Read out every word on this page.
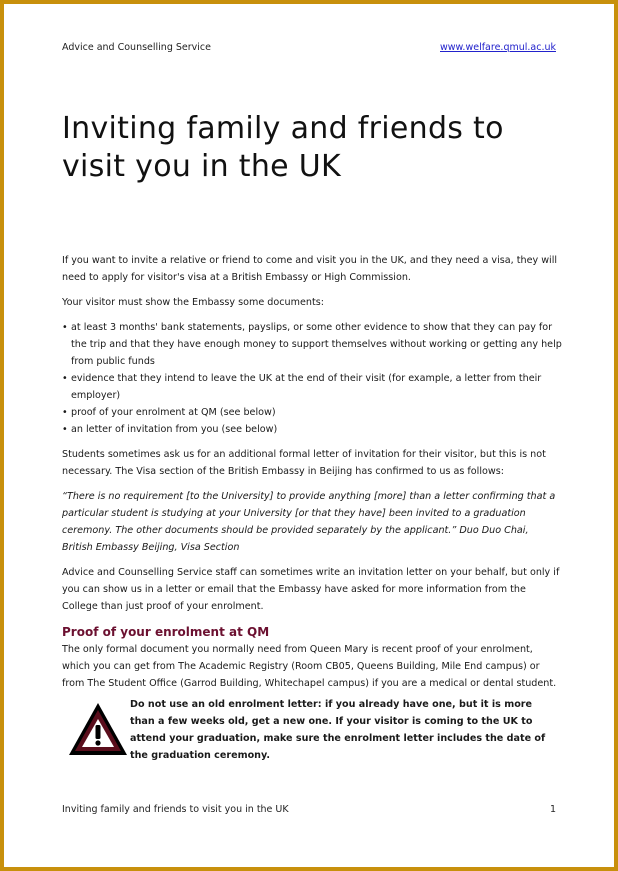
Advice and Counselling Service	www.welfare.qmul.ac.uk
Inviting family and friends to visit you in the UK

If you want to invite a relative or friend to come and visit you in the UK, and they need a visa, they will need to apply for visitor's visa at a British Embassy or High Commission.

Your visitor must show the Embassy some documents:

• at least 3 months' bank statements, payslips, or some other evidence to show that they can pay for the trip and that they have enough money to support themselves without working or getting any help from public funds
• evidence that they intend to leave the UK at the end of their visit (for example, a letter from their employer)
• proof of your enrolment at QM (see below)
• an letter of invitation from you (see below)

Students sometimes ask us for an additional formal letter of invitation for their visitor, but this is not necessary. The Visa section of the British Embassy in Beijing has confirmed to us as follows:

“There is no requirement [to the University] to provide anything [more] than a letter confirming that a particular student is studying at your University [or that they have] been invited to a graduation ceremony. The other documents should be provided separately by the applicant.” Duo Duo Chai, British Embassy Beijing, Visa Section

Advice and Counselling Service staff can sometimes write an invitation letter on your behalf, but only if you can show us in a letter or email that the Embassy have asked for more information from the College than just proof of your enrolment.

Proof of your enrolment at QM

The only formal document you normally need from Queen Mary is recent proof of your enrolment, which you can get from The Academic Registry (Room CB05, Queens Building, Mile End campus) or from The Student Office (Garrod Building, Whitechapel campus) if you are a medical or dental student.

Do not use an old enrolment letter: if you already have one, but it is more than a few weeks old, get a new one. If your visitor is coming to the UK to attend your graduation, make sure the enrolment letter includes the date of the graduation ceremony.
Inviting family and friends to visit you in the UK	1
